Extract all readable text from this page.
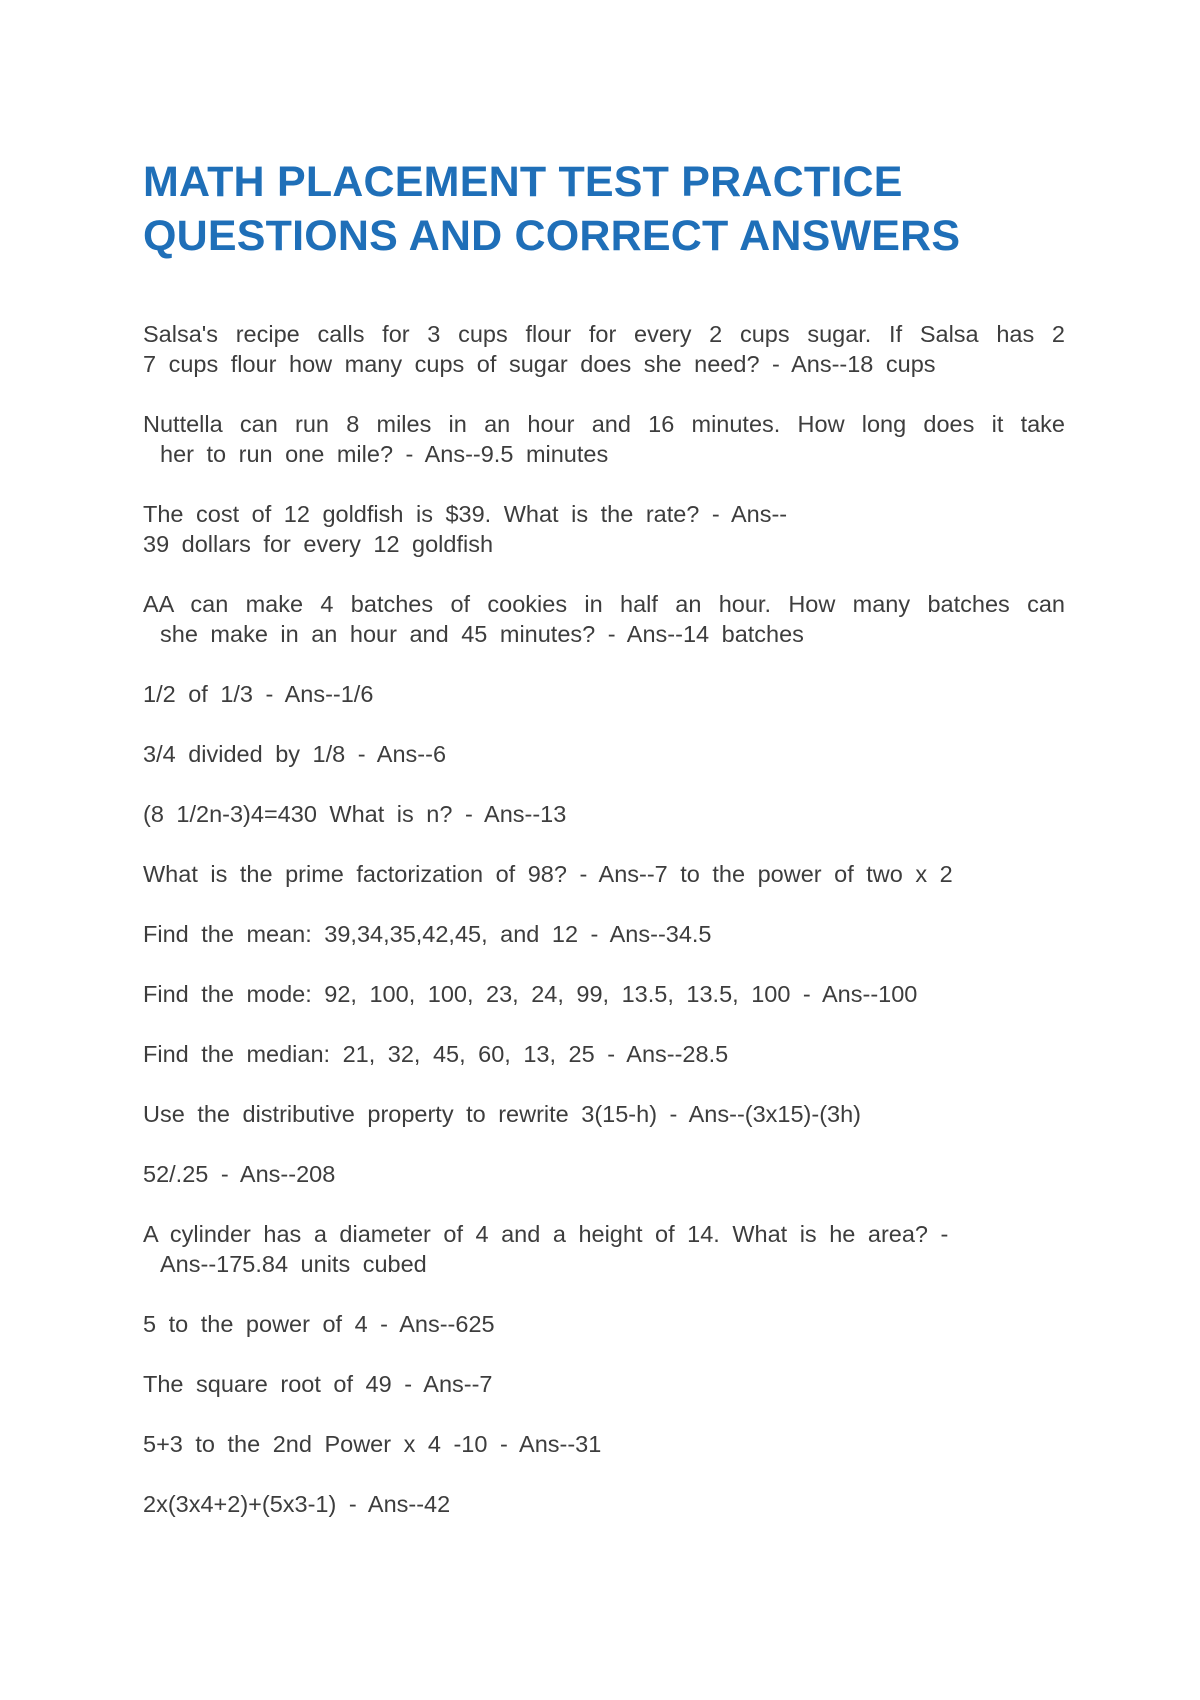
MATH PLACEMENT TEST PRACTICE
QUESTIONS AND CORRECT ANSWERS

Salsa's recipe calls for 3 cups flour for every 2 cups sugar. If Salsa has 2
7 cups flour how many cups of sugar does she need? - Ans--18 cups

Nuttella can run 8 miles in an hour and 16 minutes. How long does it take
her to run one mile? - Ans--9.5 minutes

The cost of 12 goldfish is $39. What is the rate? - Ans--
39 dollars for every 12 goldfish

AA can make 4 batches of cookies in half an hour. How many batches can
she make in an hour and 45 minutes? - Ans--14 batches

1/2 of 1/3 - Ans--1/6

3/4 divided by 1/8 - Ans--6

(8 1/2n-3)4=430 What is n? - Ans--13

What is the prime factorization of 98? - Ans--7 to the power of two x 2

Find the mean: 39,34,35,42,45, and 12 - Ans--34.5

Find the mode: 92, 100, 100, 23, 24, 99, 13.5, 13.5, 100 - Ans--100

Find the median: 21, 32, 45, 60, 13, 25 - Ans--28.5

Use the distributive property to rewrite 3(15-h) - Ans--(3x15)-(3h)

52/.25 - Ans--208

A cylinder has a diameter of 4 and a height of 14. What is he area? -
Ans--175.84 units cubed

5 to the power of 4 - Ans--625

The square root of 49 - Ans--7

5+3 to the 2nd Power x 4 -10 - Ans--31

2x(3x4+2)+(5x3-1) - Ans--42
